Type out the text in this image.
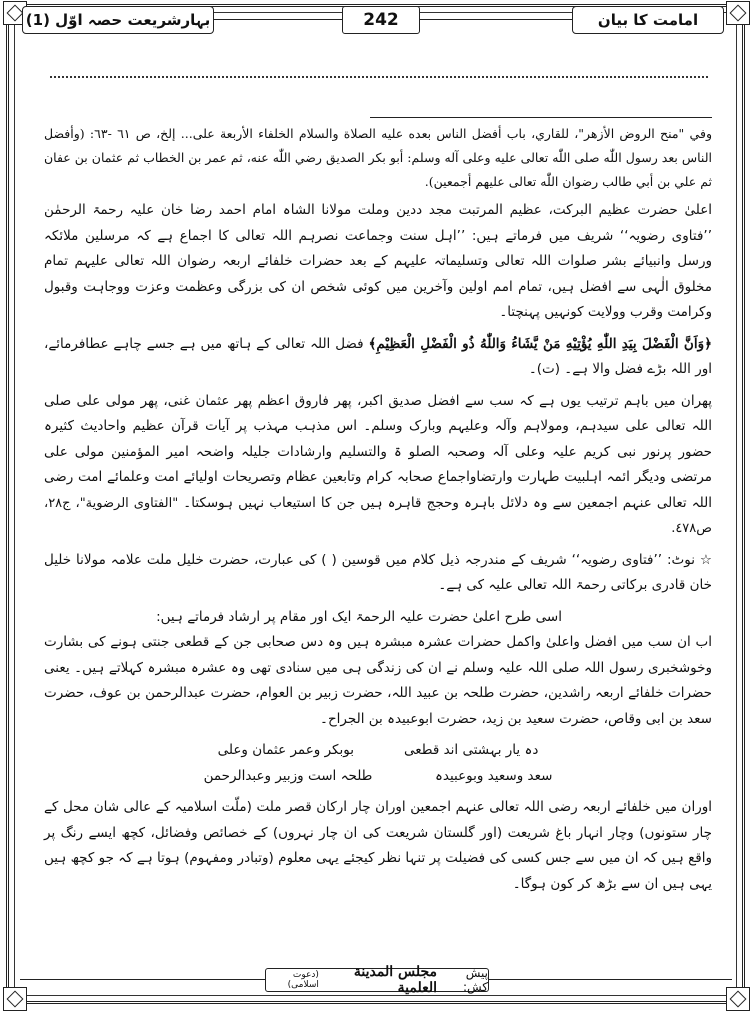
بہارشریعت حصہ اوّل (1)	242	امامت کا بیان

وفي "منح الروض الأزهر"، للقاري، باب أفضل الناس بعده عليه الصلاة والسلام الخلفاء الأربعة على... إلخ، ص ٦١ -٦٣: (وأفضل الناس بعد رسول اللّٰه صلى اللّٰه تعالى عليه وعلى آله وسلم: أبو بكر الصديق رضي اللّٰه عنه، ثم عمر بن الخطاب ثم عثمان بن عفان ثم علي بن أبي طالب رضوان اللّٰه تعالى عليهم أجمعين).

اعلیٰ حضرت عظیم البرکت، عظیم المرتبت مجد ددین وملت مولانا الشاہ امام احمد رضا خان علیہ رحمۃ الرحمٰن ’’فتاوی رضویہ‘‘ شریف میں فرماتے ہیں: ’’اہل سنت وجماعت نصرہم اللہ تعالی کا اجماع ہے کہ مرسلین ملائکہ ورسل وانبیائے بشر صلوات اللہ تعالی وتسلیماتہ علیہم کے بعد حضرات خلفائے اربعہ رضوان اللہ تعالی علیہم تمام مخلوق الٰہی سے افضل ہیں، تمام امم اولین وآخرین میں کوئی شخص ان کی بزرگی وعظمت وعزت ووجاہت وقبول وکرامت وقرب وولایت کونہیں پہنچتا۔

﴿وَاَنَّ الْفَضْلَ بِيَدِ اللّٰهِ يُؤْتِيْهِ مَنْ يَّشَاءُ وَاللّٰهُ ذُو الْفَضْلِ الْعَظِيْمِ﴾ فضل اللہ تعالی کے ہاتھ میں ہے جسے چاہے عطافرمائے، اور اللہ بڑے فضل والا ہے۔ (ت)۔

پھران میں باہم ترتیب یوں ہے کہ سب سے افضل صدیق اکبر، پھر فاروق اعظم پھر عثمان غنی، پھر مولی علی صلی اللہ تعالی علی سیدہم، ومولاہم وآلہ وعلیہم وبارک وسلم۔ اس مذہب مہذب پر آیات قرآن عظیم واحادیث کثیرہ حضور پرنور نبی کریم علیہ وعلی آلہ وصحبہ الصلو ۃ والتسلیم وارشادات جلیلہ واضحہ امیر المؤمنین مولی علی مرتضی ودیگر ائمہ اہلبیت طہارت وارتضاواجماع صحابہ کرام وتابعین عظام وتصریحات اولیائے امت وعلمائے امت رضی اللہ تعالی عنہم اجمعین سے وہ دلائل باہرہ وحجج قاہرہ ہیں جن کا استیعاب نہیں ہوسکتا۔ "الفتاوى الرضوية"، ج٢٨، ص٤٧٨.

☆ نوٹ: ’’فتاوی رضویہ‘‘ شریف کے مندرجہ ذیل کلام میں قوسین ( ) کی عبارت، حضرت خلیل ملت علامہ مولانا خلیل خان قادری برکاتی رحمۃ اللہ تعالی علیہ کی ہے۔

اسی طرح اعلیٰ حضرت علیہ الرحمۃ ایک اور مقام پر ارشاد فرماتے ہیں:

اب ان سب میں افضل واعلیٰ واکمل حضرات عشرہ مبشرہ ہیں وہ دس صحابی جن کے قطعی جنتی ہونے کی بشارت وخوشخبری رسول اللہ صلی اللہ علیہ وسلم نے ان کی زندگی ہی میں سنادی تھی وہ عشرہ مبشرہ کہلاتے ہیں۔ یعنی حضرات خلفائے اربعہ راشدین، حضرت طلحہ بن عبید اللہ، حضرت زبیر بن العوام، حضرت عبدالرحمن بن عوف، حضرت سعد بن ابی وقاص، حضرت سعید بن زید، حضرت ابوعبیدہ بن الجراح۔

دہ یار بہشتی اند قطعی
بوبکر وعمر عثمان وعلی

سعد وسعید وبوعبیدہ
طلحہ است وزبیر وعبدالرحمن

اوران میں خلفائے اربعہ رضی اللہ تعالی عنہم اجمعین اوران چار ارکان قصر ملت (ملّت اسلامیہ کے عالی شان محل کے چار ستونوں) وچار انہار باغ شریعت (اور گلستان شریعت کی ان چار نہروں) کے خصائص وفضائل، کچھ ایسے رنگ پر واقع ہیں کہ ان میں سے جس کسی کی فضیلت پر تنہا نظر کیجئے یہی معلوم (وتبادر ومفہوم) ہوتا ہے کہ جو کچھ ہیں یہی ہیں ان سے بڑھ کر کون ہوگا۔

پیش کش:
مجلس المدينة العلمية
(دعوت اسلامی)
